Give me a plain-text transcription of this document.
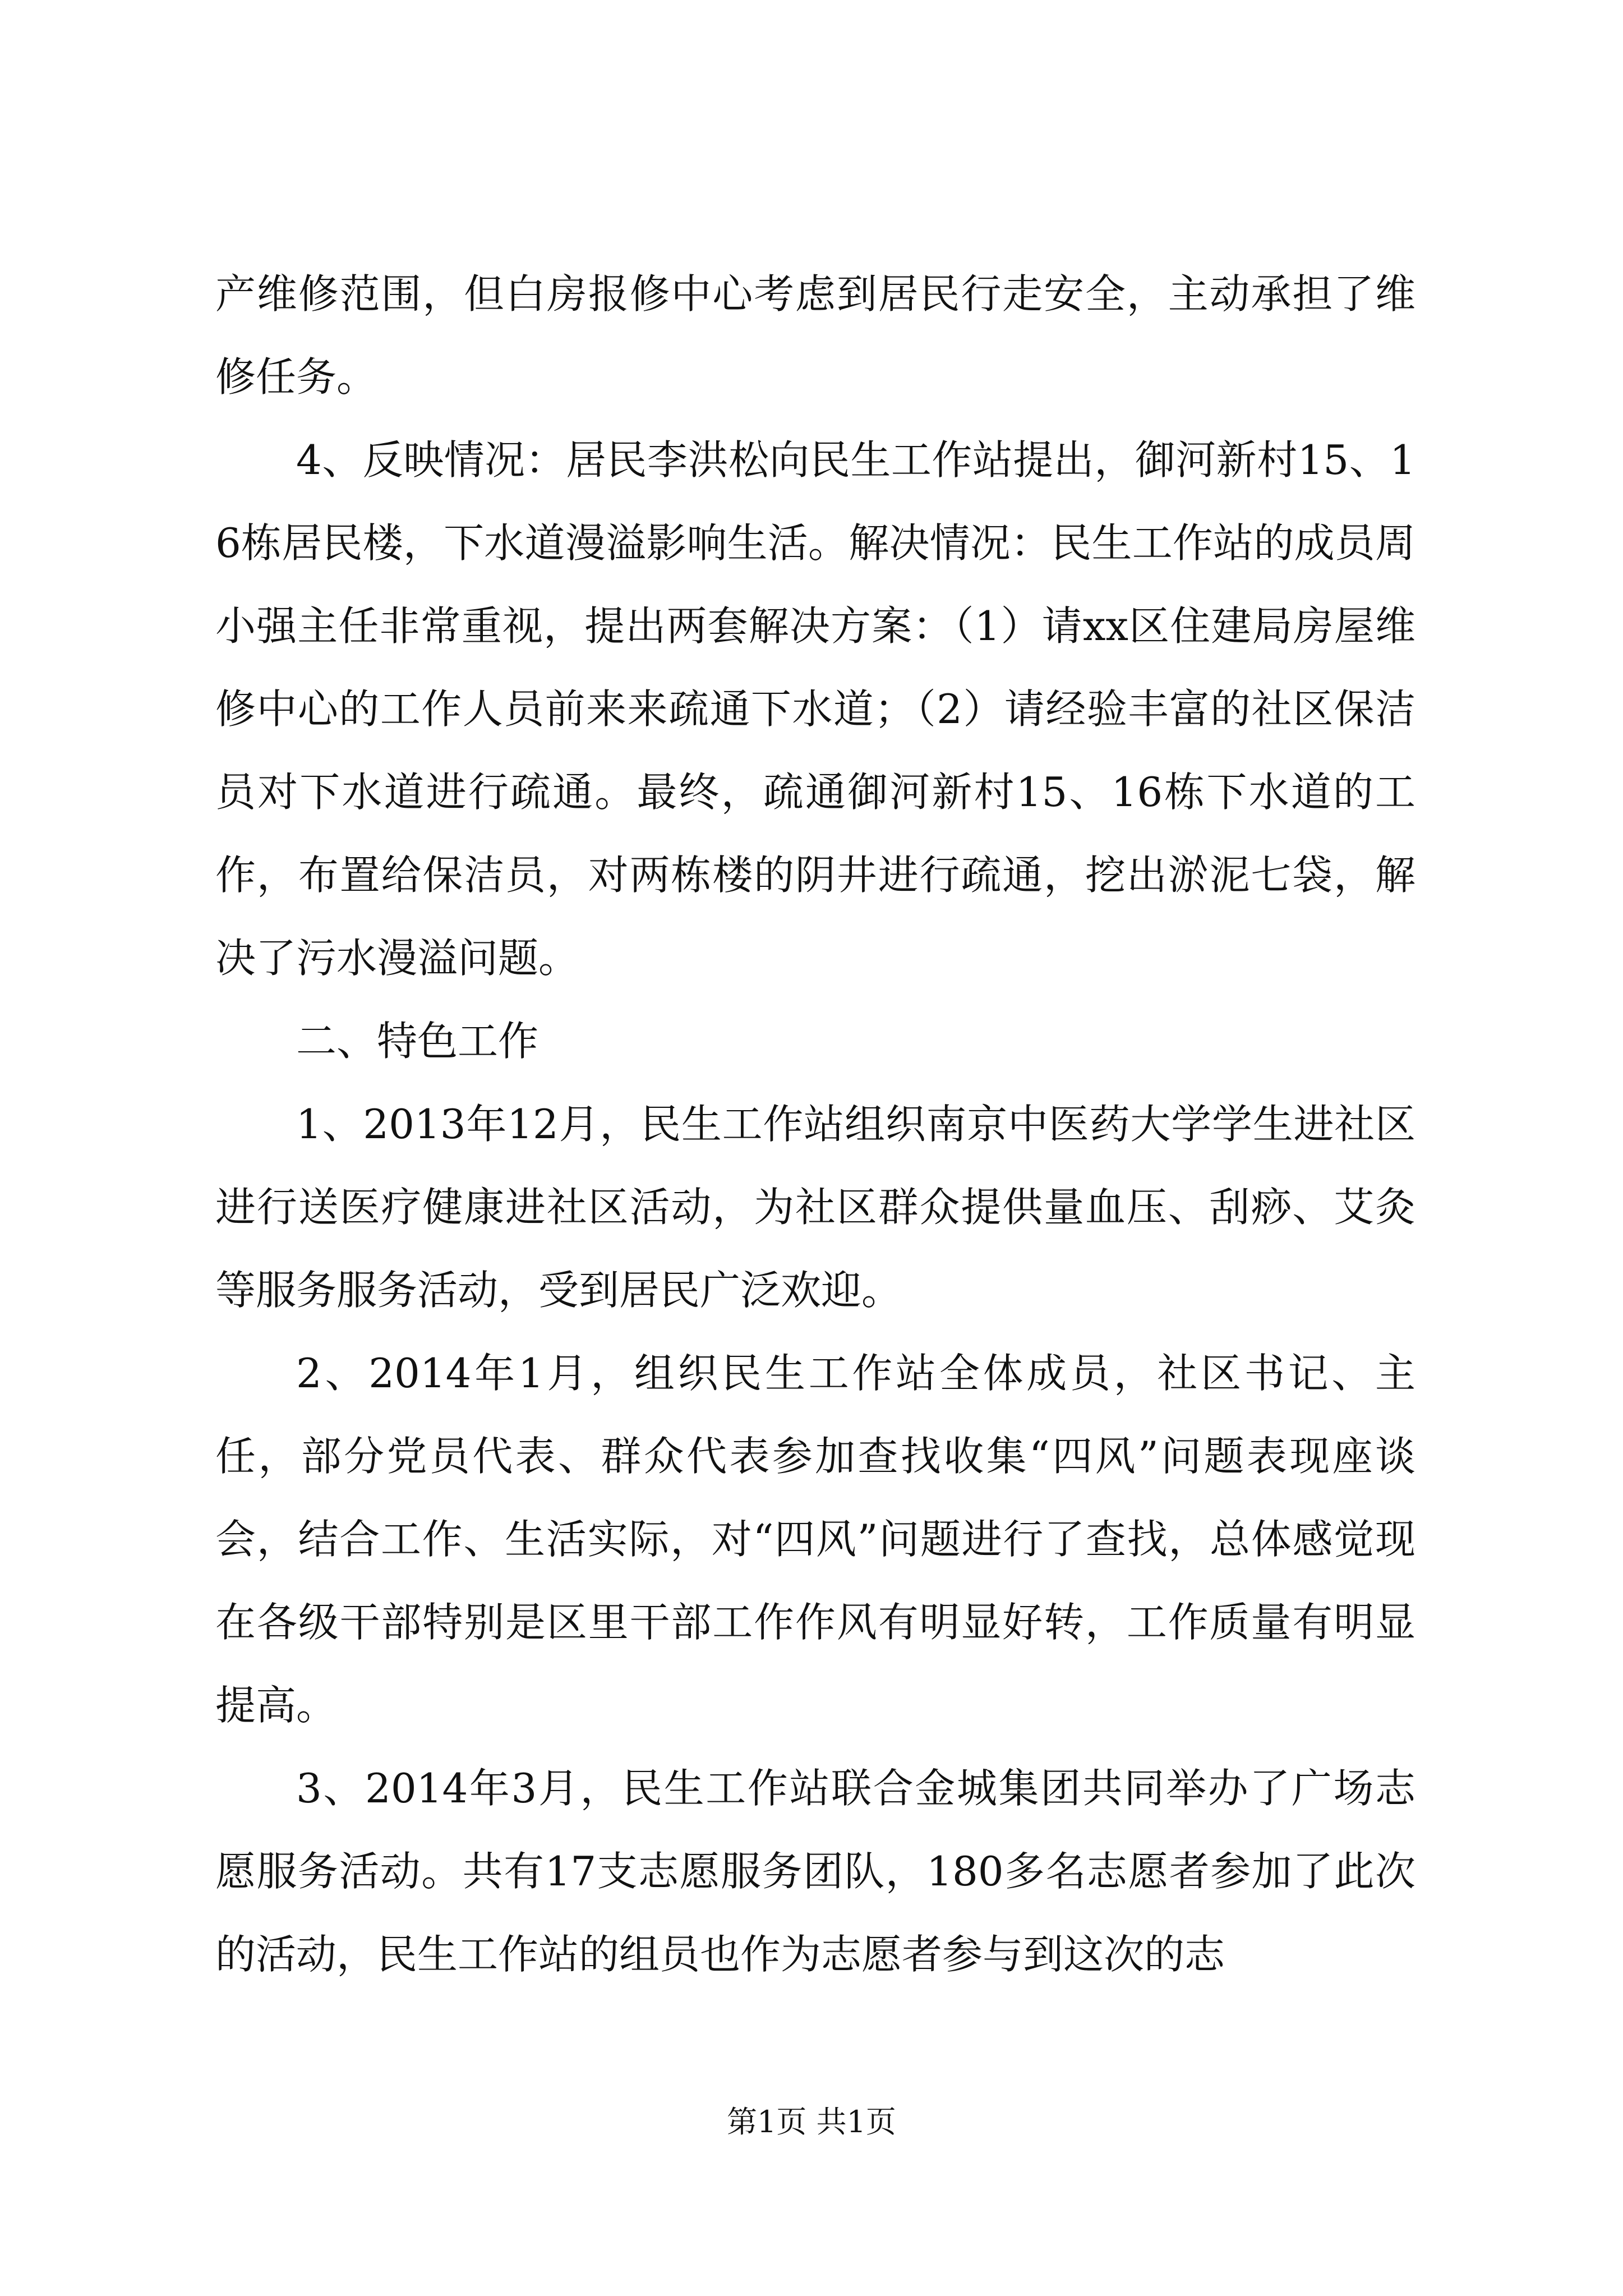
产维修范围，但白房报修中心考虑到居民行走安全，主动承担了维修任务。

4、反映情况：居民李洪松向民生工作站提出，御河新村15、16栋居民楼，下水道漫溢影响生活。解决情况：民生工作站的成员周小强主任非常重视，提出两套解决方案：（1）请xx区住建局房屋维修中心的工作人员前来来疏通下水道；（2）请经验丰富的社区保洁员对下水道进行疏通。最终，疏通御河新村15、16栋下水道的工作，布置给保洁员，对两栋楼的阴井进行疏通，挖出淤泥七袋，解决了污水漫溢问题。

二、特色工作

1、2013年12月，民生工作站组织南京中医药大学学生进社区进行送医疗健康进社区活动，为社区群众提供量血压、刮痧、艾灸等服务服务活动，受到居民广泛欢迎。

2、2014年1月，组织民生工作站全体成员，社区书记、主任，部分党员代表、群众代表参加查找收集“四风”问题表现座谈会，结合工作、生活实际，对“四风”问题进行了查找，总体感觉现在各级干部特别是区里干部工作作风有明显好转，工作质量有明显提高。

3、2014年3月，民生工作站联合金城集团共同举办了广场志愿服务活动。共有17支志愿服务团队，180多名志愿者参加了此次的活动，民生工作站的组员也作为志愿者参与到这次的志

第1页 共1页
